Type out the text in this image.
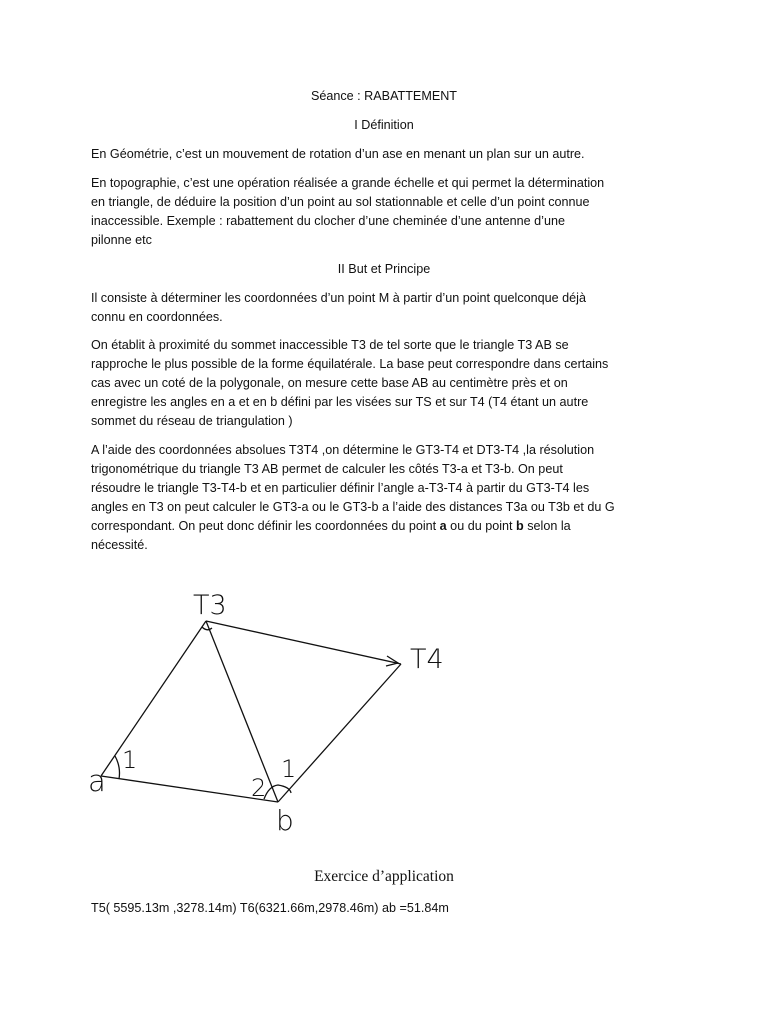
Séance : RABATTEMENT
I Définition
En Géométrie, c’est un mouvement de rotation d’un ase en menant un plan sur un autre.
En topographie, c’est une opération réalisée a grande échelle et qui permet la détermination
en triangle, de déduire la position d’un point au sol stationnable et celle d’un point connue
inaccessible. Exemple : rabattement du clocher d’une cheminée d’une antenne d’une
pilonne etc
II But et Principe
Il consiste à déterminer les coordonnées d’un point M à partir d’un point quelconque déjà
connu en coordonnées.
On établit à proximité du sommet inaccessible T3 de tel sorte que le triangle T3 AB se
rapproche le plus possible de la forme équilatérale. La base peut correspondre dans certains
cas avec un coté de la polygonale, on mesure cette base AB au centimètre près et on
enregistre les angles en a et en b défini par les visées sur TS et sur T4 (T4 étant un autre
sommet du réseau de triangulation )
A l’aide des coordonnées absolues T3T4 ,on détermine le GT3-T4 et DT3-T4 ,la résolution
trigonométrique du triangle T3 AB permet de calculer les côtés T3-a et T3-b. On peut
résoudre le triangle T3-T4-b et en particulier définir l’angle a-T3-T4 à partir du GT3-T4 les
angles en T3 on peut calculer le GT3-a ou le GT3-b a l’aide des distances T3a ou T3b et du G
correspondant. On peut donc définir les coordonnées du point a ou du point b selon la
nécessité.
T3
T4
a
b
1	1
2
Exercice d’application
T5( 5595.13m ,3278.14m) T6(6321.66m,2978.46m) ab =51.84m
